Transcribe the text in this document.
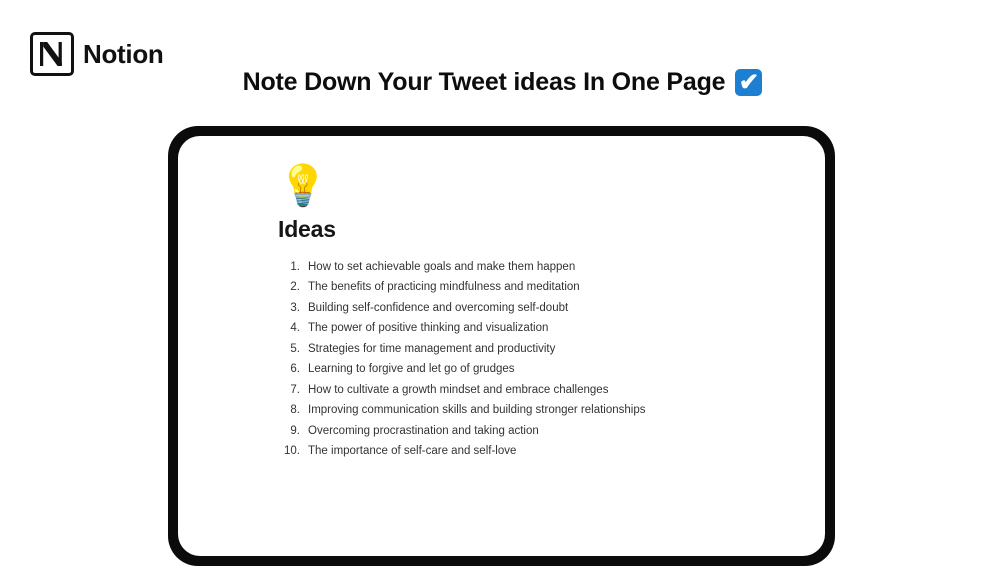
Notion
Note Down Your Tweet ideas In One Page ✔
💡
Ideas
1. How to set achievable goals and make them happen
2. The benefits of practicing mindfulness and meditation
3. Building self-confidence and overcoming self-doubt
4. The power of positive thinking and visualization
5. Strategies for time management and productivity
6. Learning to forgive and let go of grudges
7. How to cultivate a growth mindset and embrace challenges
8. Improving communication skills and building stronger relationships
9. Overcoming procrastination and taking action
10. The importance of self-care and self-love
